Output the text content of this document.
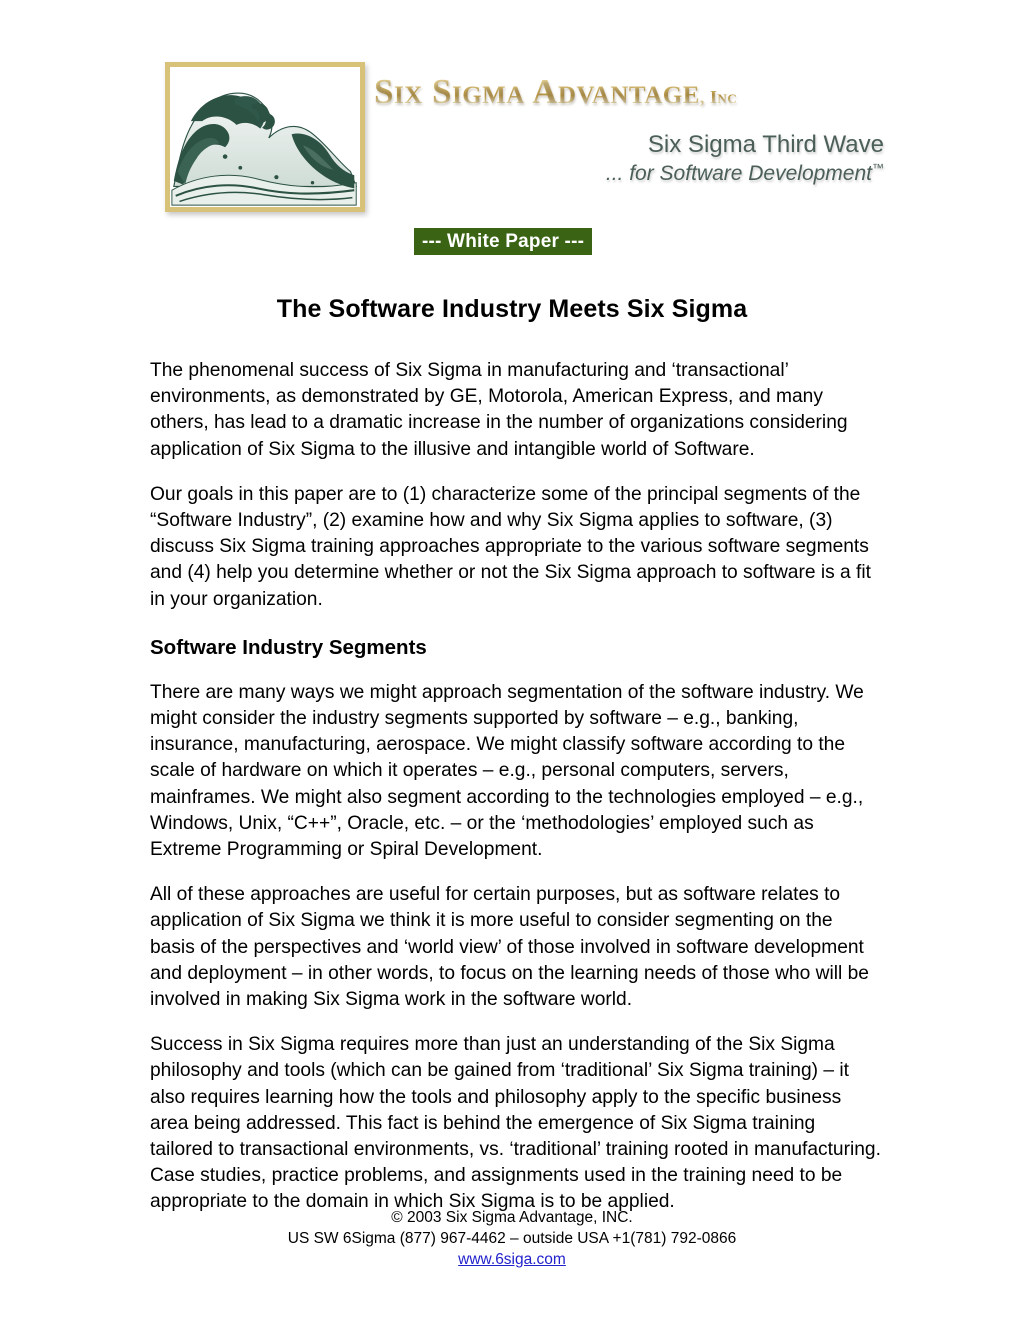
Six Sigma Advantage, Inc
Six Sigma Third Wave
... for Software Development™
--- White Paper ---
The Software Industry Meets Six Sigma

The phenomenal success of Six Sigma in manufacturing and ‘transactional’ environments, as demonstrated by GE, Motorola, American Express, and many others, has lead to a dramatic increase in the number of organizations considering application of Six Sigma to the illusive and intangible world of Software.

Our goals in this paper are to (1) characterize some of the principal segments of the “Software Industry”, (2) examine how and why Six Sigma applies to software, (3) discuss Six Sigma training approaches appropriate to the various software segments and (4) help you determine whether or not the Six Sigma approach to software is a fit in your organization.

Software Industry Segments

There are many ways we might approach segmentation of the software industry. We might consider the industry segments supported by software – e.g., banking, insurance, manufacturing, aerospace. We might classify software according to the scale of hardware on which it operates – e.g., personal computers, servers, mainframes. We might also segment according to the technologies employed – e.g., Windows, Unix, “C++”, Oracle, etc. – or the ‘methodologies’ employed such as Extreme Programming or Spiral Development.

All of these approaches are useful for certain purposes, but as software relates to application of Six Sigma we think it is more useful to consider segmenting on the basis of the perspectives and ‘world view’ of those involved in software development and deployment – in other words, to focus on the learning needs of those who will be involved in making Six Sigma work in the software world.

Success in Six Sigma requires more than just an understanding of the Six Sigma philosophy and tools (which can be gained from ‘traditional’ Six Sigma training) – it also requires learning how the tools and philosophy apply to the specific business area being addressed. This fact is behind the emergence of Six Sigma training tailored to transactional environments, vs. ‘traditional’ training rooted in manufacturing. Case studies, practice problems, and assignments used in the training need to be appropriate to the domain in which Six Sigma is to be applied.

© 2003 Six Sigma Advantage, INC.
US SW 6Sigma (877) 967-4462 – outside USA +1(781) 792-0866
www.6siga.com
